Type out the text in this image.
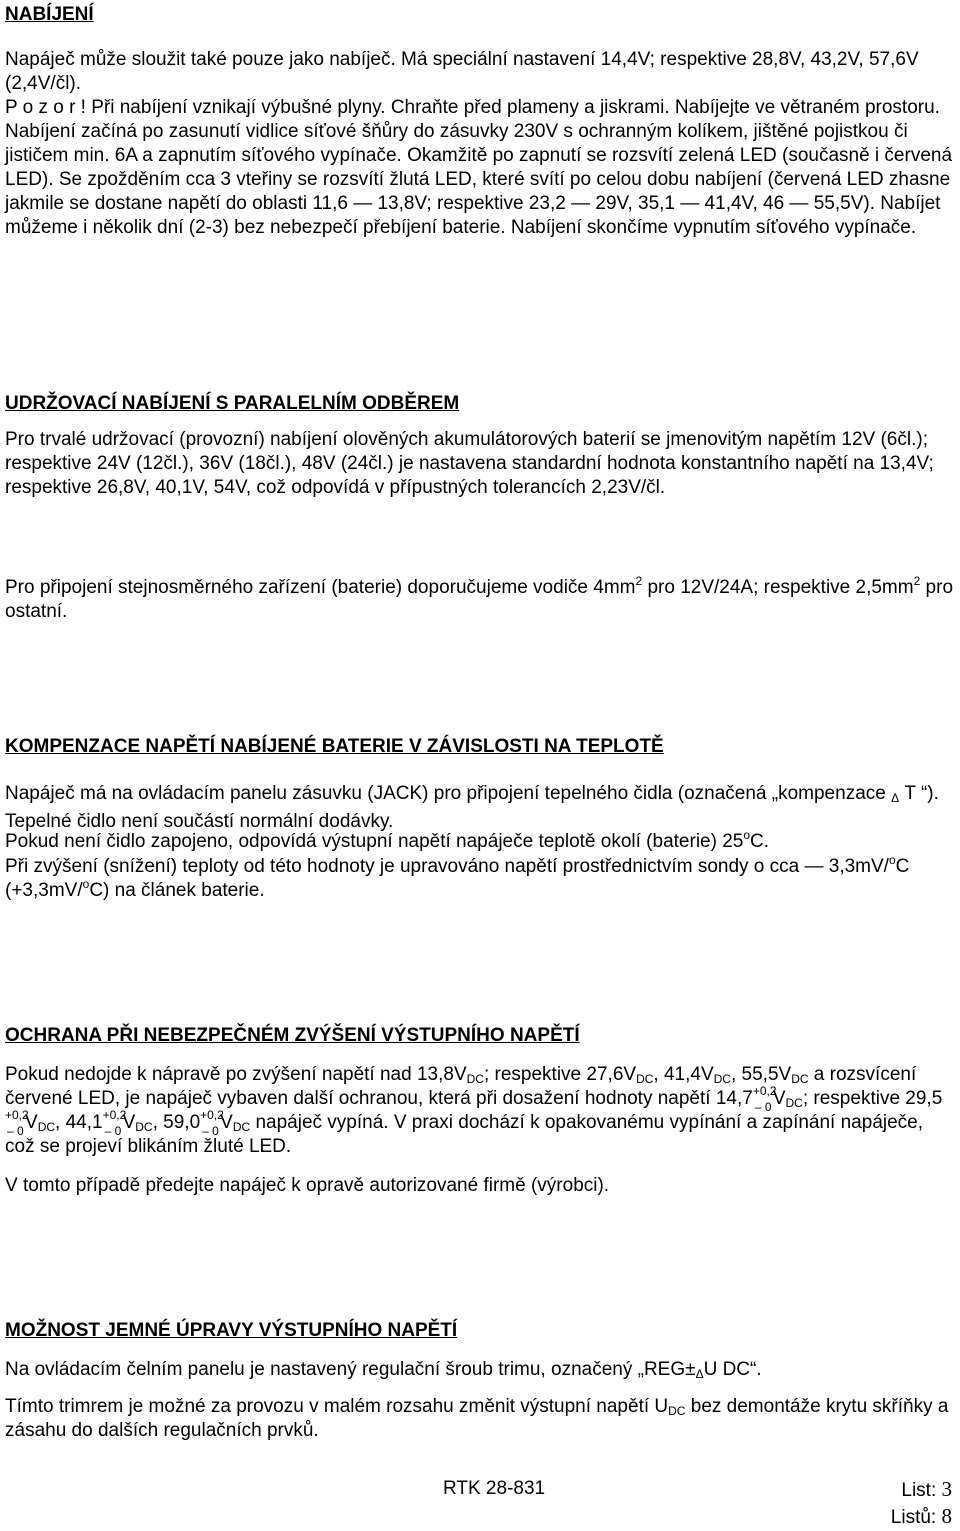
NABÍJENÍ

Napáječ může sloužit také pouze jako nabíječ. Má speciální nastavení 14,4V; respektive 28,8V, 43,2V, 57,6V (2,4V/čl).

P o z o r ! Při nabíjení vznikají výbušné plyny. Chraňte před plameny a jiskrami. Nabíjejte ve větraném prostoru. Nabíjení začíná po zasunutí vidlice síťové šňůry do zásuvky 230V s ochranným kolíkem, jištěné pojistkou či jističem min. 6A a zapnutím síťového vypínače. Okamžitě po zapnutí se rozsvítí zelená LED (současně i červená LED). Se zpožděním cca 3 vteřiny se rozsvítí žlutá LED, které svítí po celou dobu nabíjení (červená LED zhasne jakmile se dostane napětí do oblasti 11,6 — 13,8V; respektive 23,2 — 29V, 35,1 — 41,4V, 46 — 55,5V). Nabíjet můžeme i několik dní (2-3) bez nebezpečí přebíjení baterie. Nabíjení skončíme vypnutím síťového vypínače.

UDRŽOVACÍ NABÍJENÍ S PARALELNÍM ODBĚREM

Pro trvalé udržovací (provozní) nabíjení olověných akumulátorových baterií se jmenovitým napětím 12V (6čl.); respektive 24V (12čl.), 36V (18čl.), 48V (24čl.) je nastavena standardní hodnota konstantního napětí na 13,4V; respektive 26,8V, 40,1V, 54V, což odpovídá v přípustných tolerancích 2,23V/čl.

Pro připojení stejnosměrného zařízení (baterie) doporučujeme vodiče $4mm^2$ pro 12V/24A; respektive $2,5mm^2$ pro ostatní.

KOMPENZACE NAPĚTÍ NABÍJENÉ BATERIE V ZÁVISLOSTI NA TEPLOTĚ

Napáječ má na ovládacím panelu zásuvku (JACK) pro připojení tepelného čidla (označená „kompenzace Δ T “). Tepelné čidlo není součástí normální dodávky.

Pokud není čidlo zapojeno, odpovídá výstupní napětí napáječe teplotě okolí (baterie) 25$^o$C.

Při zvýšení (snížení) teploty od této hodnoty je upravováno napětí prostřednictvím sondy o cca — 3,3mV/$^o$C (+3,3mV/$^o$C) na článek baterie.

OCHRANA PŘI NEBEZPEČNÉM ZVÝŠENÍ VÝSTUPNÍHO NAPĚTÍ

Pokud nedojde k nápravě po zvýšení napětí nad $13,8V_{DC}$; respektive $27,6V_{DC}$, $41,4V_{DC}$, $55,5V_{DC}$ a rozsvícení červené LED, je napáječ vybaven další ochranou, která při dosažení hodnoty napětí 14,7 +0,2
– 0 $V_{DC}$; respektive 29,5
+0,2
– 0 $V_{DC}$, 44,1 +0,2
– 0 $V_{DC}$, 59,0 +0,2
– 0 $V_{DC}$ napáječ vypíná. V praxi dochází k opakovanému vypínání a zapínání napáječe, což se projeví blikáním žluté LED.

V tomto případě předejte napáječ k opravě autorizované firmě (výrobci).

MOŽNOST JEMNÉ ÚPRAVY VÝSTUPNÍHO NAPĚTÍ

Na ovládacím čelním panelu je nastavený regulační šroub trimu, označený „REG±ΔU DC“.

Tímto trimrem je možné za provozu v malém rozsahu změnit výstupní napětí $U_{DC}$ bez demontáže krytu skříňky a zásahu do dalších regulačních prvků.

RTK 28-831	List: 3
Listů: 8
